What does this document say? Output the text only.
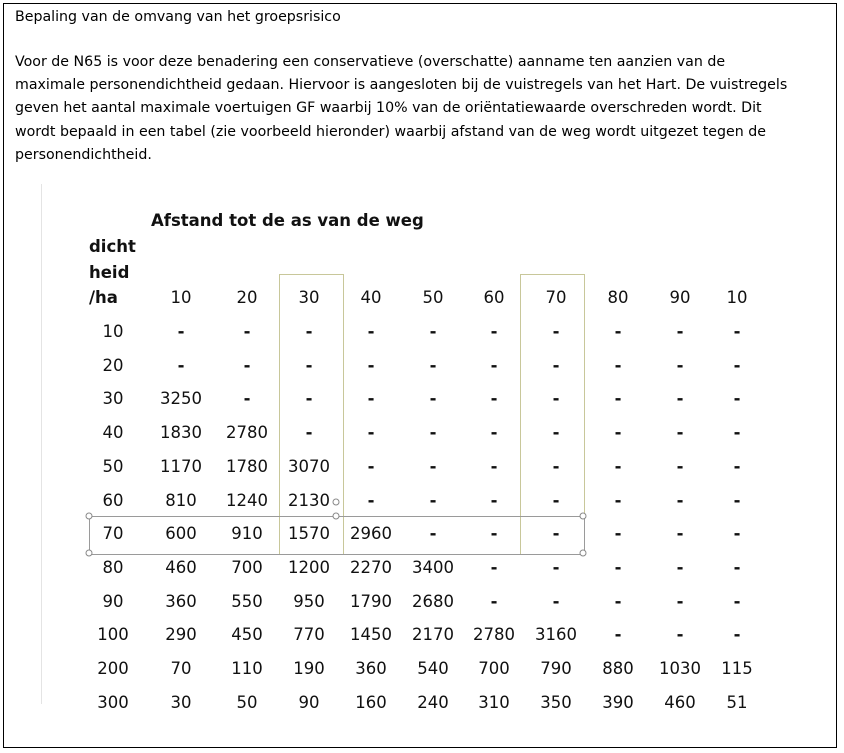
Bepaling van de omvang van het groepsrisico

Voor de N65 is voor deze benadering een conservatieve (overschatte) aanname ten aanzien van de
maximale personendichtheid gedaan. Hiervoor is aangesloten bij de vuistregels van het Hart. De vuistregels
geven het aantal maximale voertuigen GF waarbij 10% van de oriëntatiewaarde overschreden wordt. Dit
wordt bepaald in een tabel (zie voorbeeld hieronder) waarbij afstand van de weg wordt uitgezet tegen de
personendichtheid.

Afstand tot de as van de weg
dicht
heid
/ha	10	20 30 40 50 60 70 80 90 10
10	-	-	-	-	-	-	-	-	-	-
20	-	-	-	-	-	-	-	-	-	-
30 3250	-	-	-	-	-	-	-	-	-
40 1830 2780 -	-	-	-	-	-	-	-
50 1170 1780 3070 -	-	-	-	-	-	-
60	810 1240 2130 -	-	-	-	-	-	-
70	600 910 1570 2960 -	-	-	-	-	-
80	460 700 1200 2270 3400 -	-	-	-	-
90	360 550 950 1790 2680 -	-	-	-	-
100 290 450 770 1450 2170 2780 3160 -	-	-
200	70 110 190 360 540 700 790 880 1030 115
300	30	50 90 160 240 310 350 390 460 51
